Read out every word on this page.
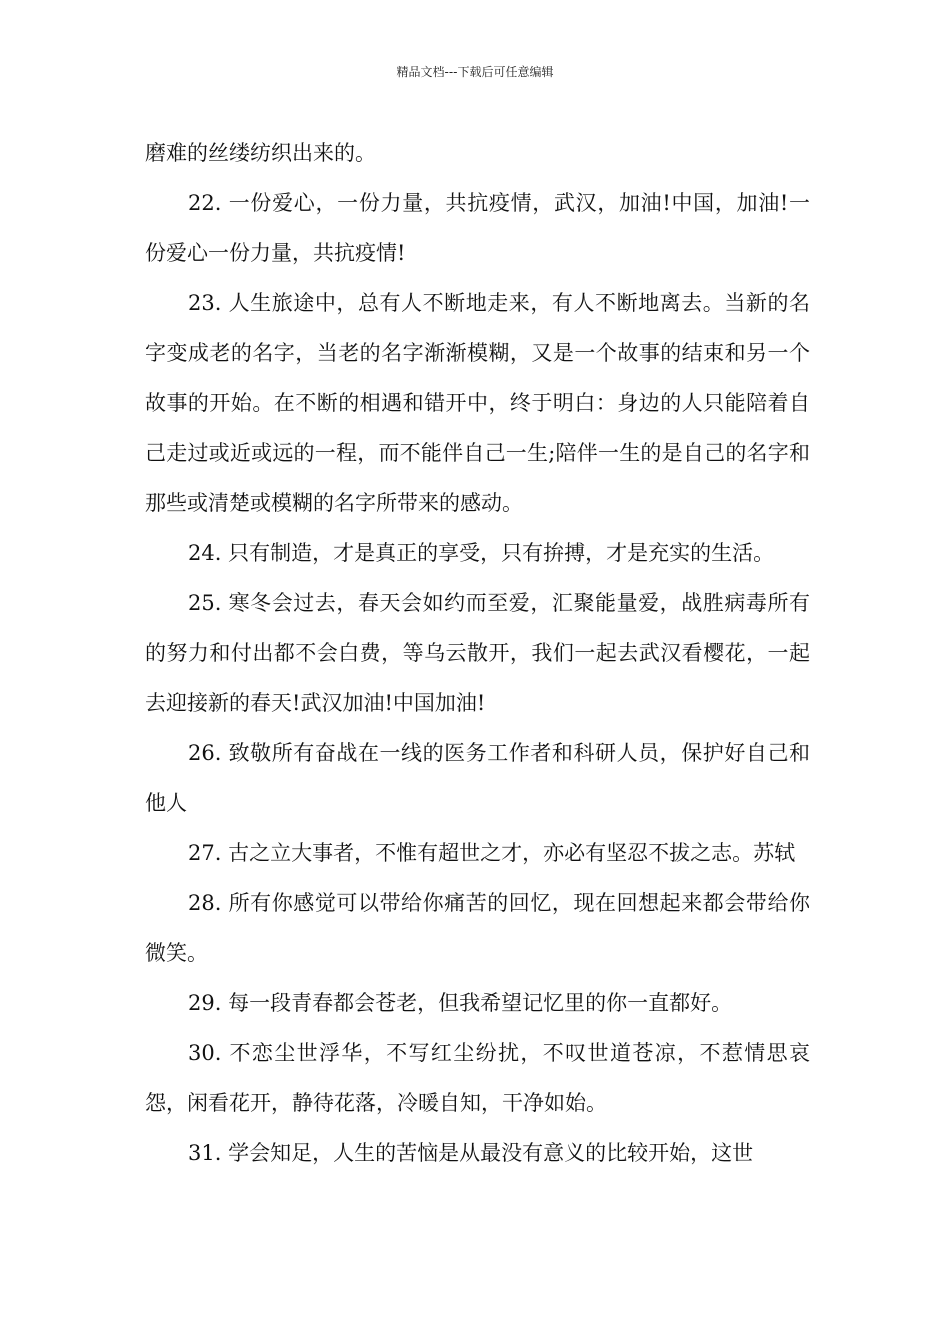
精品文档---下载后可任意编辑

磨难的丝缕纺织出来的。

22. 一份爱心，一份力量，共抗疫情，武汉，加油!中国，加油!一份爱心一份力量，共抗疫情!

23. 人生旅途中，总有人不断地走来，有人不断地离去。当新的名字变成老的名字，当老的名字渐渐模糊，又是一个故事的结束和另一个故事的开始。在不断的相遇和错开中，终于明白：身边的人只能陪着自己走过或近或远的一程，而不能伴自己一生;陪伴一生的是自己的名字和那些或清楚或模糊的名字所带来的感动。

24. 只有制造，才是真正的享受，只有拚搏，才是充实的生活。

25. 寒冬会过去，春天会如约而至爱，汇聚能量爱，战胜病毒所有的努力和付出都不会白费，等乌云散开，我们一起去武汉看樱花，一起去迎接新的春天!武汉加油!中国加油!

26. 致敬所有奋战在一线的医务工作者和科研人员，保护好自己和他人

27. 古之立大事者，不惟有超世之才，亦必有坚忍不拔之志。苏轼

28. 所有你感觉可以带给你痛苦的回忆，现在回想起来都会带给你微笑。

29. 每一段青春都会苍老，但我希望记忆里的你一直都好。

30. 不恋尘世浮华，不写红尘纷扰，不叹世道苍凉，不惹情思哀怨，闲看花开，静待花落，冷暖自知，干净如始。

31. 学会知足，人生的苦恼是从最没有意义的比较开始，这世
